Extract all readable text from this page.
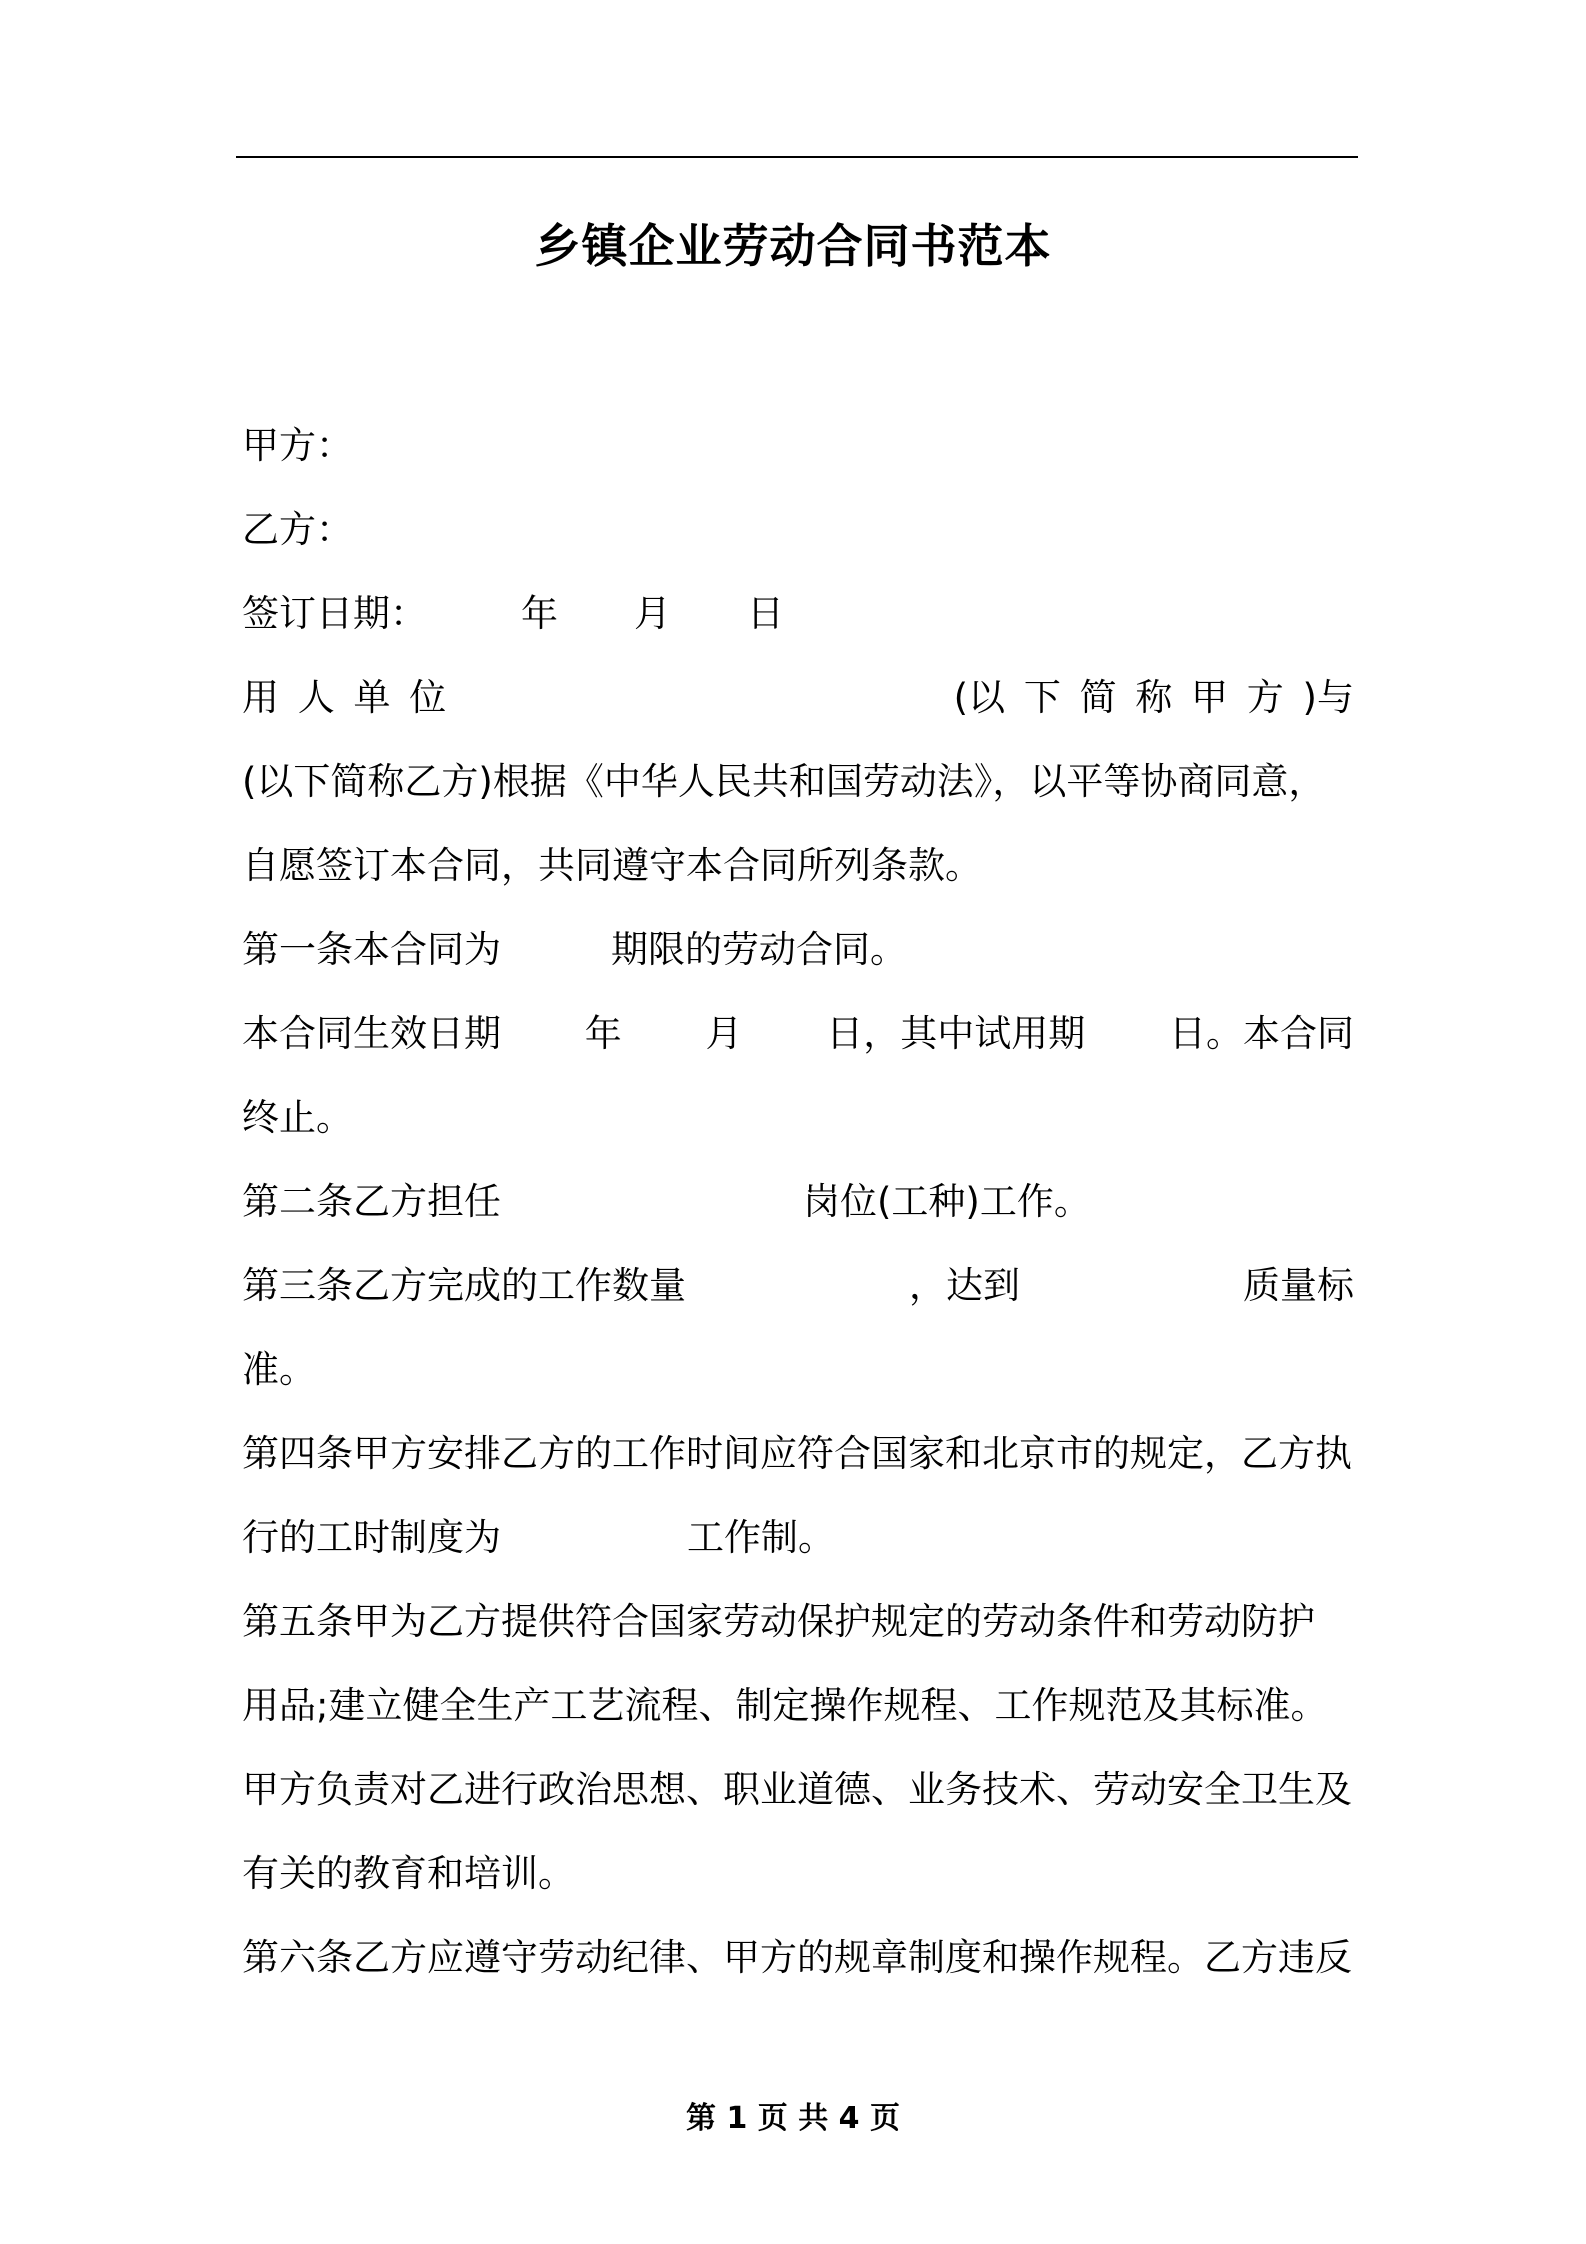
乡镇企业劳动合同书范本

甲方：

乙方：

签订日期：	年 月 日

用 人 单 位	(以 下 简 称 甲 方 )与

(以下简称乙方)根据《中华人民共和国劳动法》，以平等协商同意，

自愿签订本合同，共同遵守本合同所列条款。

第一条本合同为	期限的劳动合同。

本合同生效日期 年 月 日，其中试用期 日。本合同

终止。

第二条乙方担任	岗位(工种)工作。

第三条乙方完成的工作数量	，达到	质量标

准。

第四条甲方安排乙方的工作时间应符合国家和北京市的规定，乙方执

行的工时制度为	工作制。

第五条甲为乙方提供符合国家劳动保护规定的劳动条件和劳动防护

用品;建立健全生产工艺流程、制定操作规程、工作规范及其标准。

甲方负责对乙进行政治思想、职业道德、业务技术、劳动安全卫生及

有关的教育和培训。

第六条乙方应遵守劳动纪律、甲方的规章制度和操作规程。乙方违反

第 1 页 共 4 页
